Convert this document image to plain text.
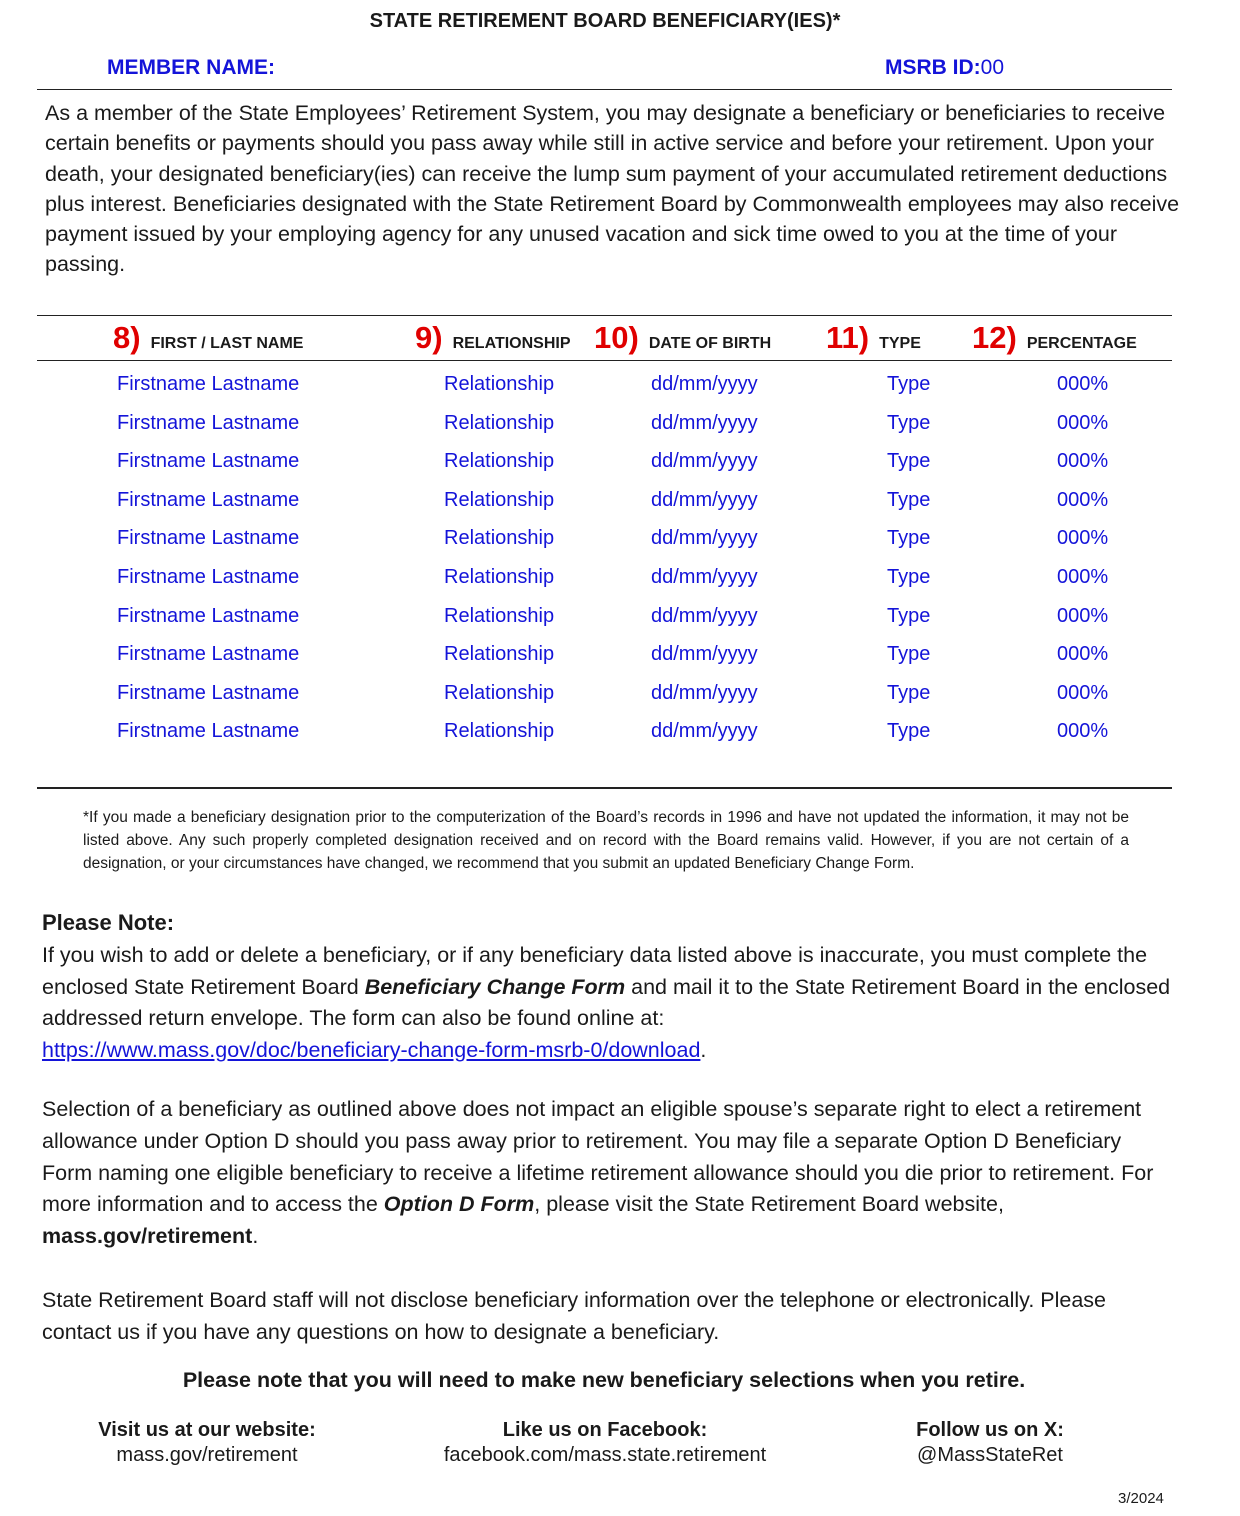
STATE RETIREMENT BOARD BENEFICIARY(IES)*
MEMBER NAME:	MSRB ID:00

As a member of the State Employees’ Retirement System, you may designate a beneficiary or beneficiaries to receive certain benefits or payments should you pass away while still in active service and before your retirement. Upon your death, your designated beneficiary(ies) can receive the lump sum payment of your accumulated retirement deductions plus interest. Beneficiaries designated with the State Retirement Board by Commonwealth employees may also receive payment issued by your employing agency for any unused vacation and sick time owed to you at the time of your passing.

8) FIRST / LAST NAME	9) RELATIONSHIP 10) DATE OF BIRTH 11) TYPE 12) PERCENTAGE
Firstname Lastname	Relationship	dd/mm/yyyy	Type	000%
Firstname Lastname	Relationship	dd/mm/yyyy	Type	000%
Firstname Lastname	Relationship	dd/mm/yyyy	Type	000%
Firstname Lastname	Relationship	dd/mm/yyyy	Type	000%
Firstname Lastname	Relationship	dd/mm/yyyy	Type	000%
Firstname Lastname	Relationship	dd/mm/yyyy	Type	000%
Firstname Lastname	Relationship	dd/mm/yyyy	Type	000%
Firstname Lastname	Relationship	dd/mm/yyyy	Type	000%
Firstname Lastname	Relationship	dd/mm/yyyy	Type	000%
Firstname Lastname	Relationship	dd/mm/yyyy	Type	000%

*If you made a beneficiary designation prior to the computerization of the Board’s records in 1996 and have not updated the information, it may not be listed above. Any such properly completed designation received and on record with the Board remains valid. However, if you are not certain of a designation, or your circumstances have changed, we recommend that you submit an updated Beneficiary Change Form.

Please Note:

If you wish to add or delete a beneficiary, or if any beneficiary data listed above is inaccurate, you must complete the enclosed State Retirement Board Beneficiary Change Form and mail it to the State Retirement Board in the enclosed addressed return envelope. The form can also be found online at:
https://www.mass.gov/doc/beneficiary-change-form-msrb-0/download.

Selection of a beneficiary as outlined above does not impact an eligible spouse’s separate right to elect a retirement allowance under Option D should you pass away prior to retirement. You may file a separate Option D Beneficiary Form naming one eligible beneficiary to receive a lifetime retirement allowance should you die prior to retirement. For more information and to access the Option D Form, please visit the State Retirement Board website, mass.gov/retirement.

State Retirement Board staff will not disclose beneficiary information over the telephone or electronically. Please contact us if you have any questions on how to designate a beneficiary.

Please note that you will need to make new beneficiary selections when you retire.
Visit us at our website:
mass.gov/retirement
Like us on Facebook:
facebook.com/mass.state.retirement
Follow us on X:
@MassStateRet
3/2024
